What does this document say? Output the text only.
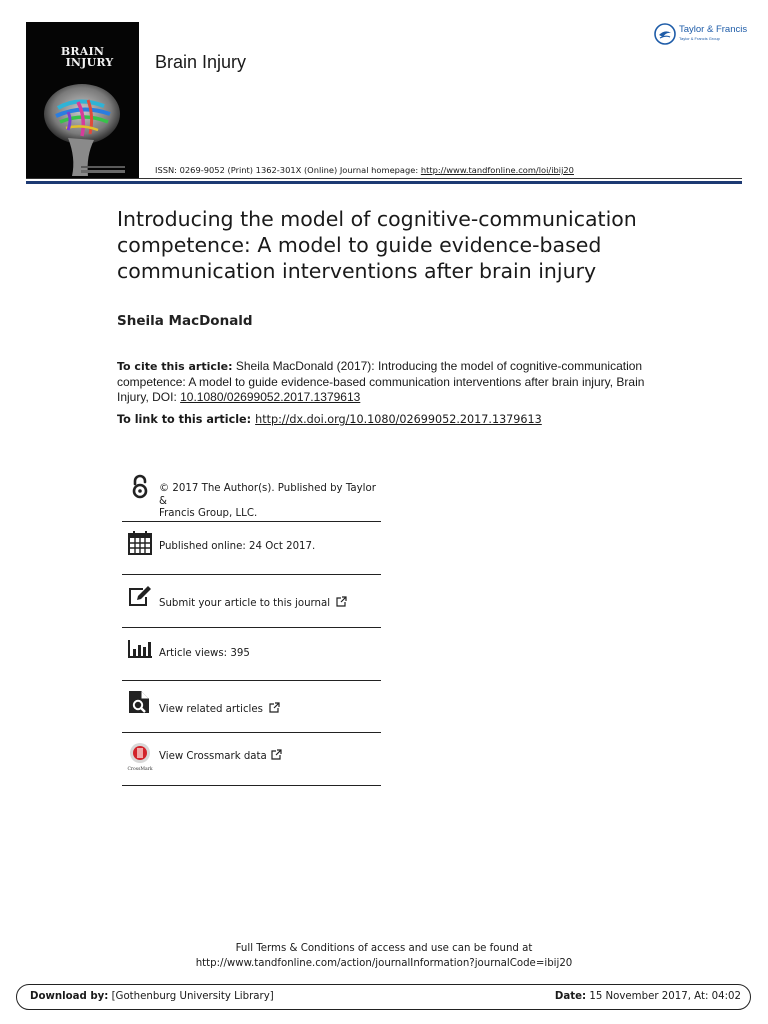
BRAIN
INJURY	Brain Injury
Taylor & Francis
Taylor & Francis Group
ISSN: 0269-9052 (Print) 1362-301X (Online) Journal homepage: http://www.tandfonline.com/loi/ibij20
Introducing the model of cognitive-communication
competence: A model to guide evidence-based
communication interventions after brain injury
Sheila MacDonald
To cite this article: Sheila MacDonald (2017): Introducing the model of cognitive-communication competence: A model to guide evidence-based communication interventions after brain injury, Brain Injury, DOI: 10.1080/02699052.2017.1379613
To link to this article: http://dx.doi.org/10.1080/02699052.2017.1379613
© 2017 The Author(s). Published by Taylor &
Francis Group, LLC.
Published online: 24 Oct 2017.
Submit your article to this journal
Article views: 395
View related articles
CrossMark
View Crossmark data
Full Terms & Conditions of access and use can be found at
http://www.tandfonline.com/action/journalInformation?journalCode=ibij20
Download by: [Gothenburg University Library]	Date: 15 November 2017, At: 04:02
